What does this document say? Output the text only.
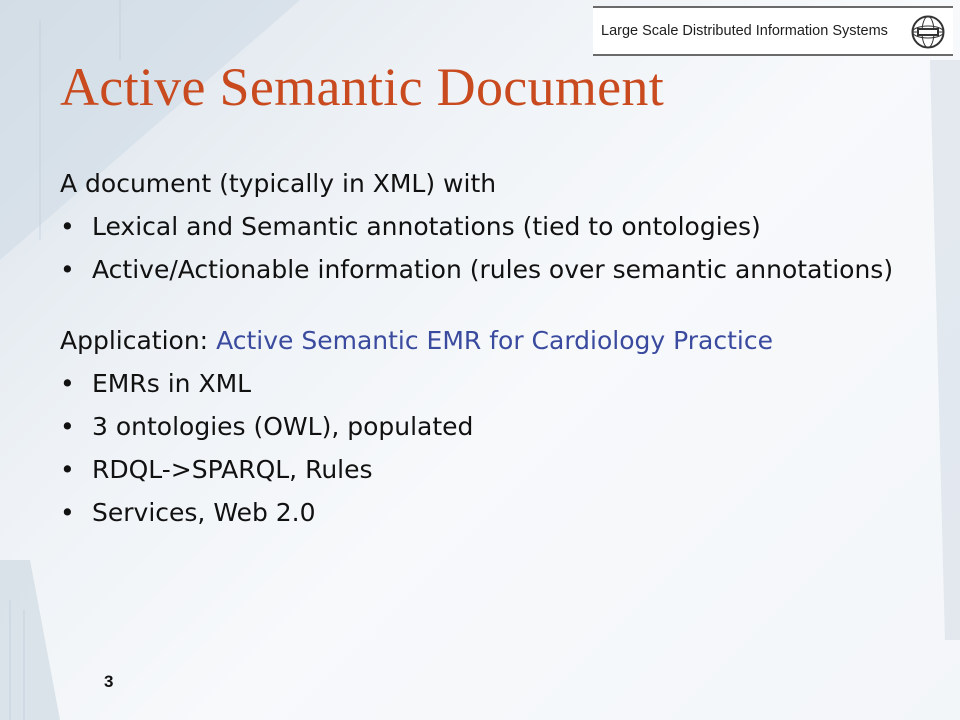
Large Scale Distributed Information Systems
Active Semantic Document

A document (typically in XML) with

• Lexical and Semantic annotations (tied to ontologies)
• Active/Actionable information (rules over semantic annotations)

Application: Active Semantic EMR for Cardiology Practice

• EMRs in XML
• 3 ontologies (OWL), populated
• RDQL->SPARQL, Rules
• Services, Web 2.0
3
